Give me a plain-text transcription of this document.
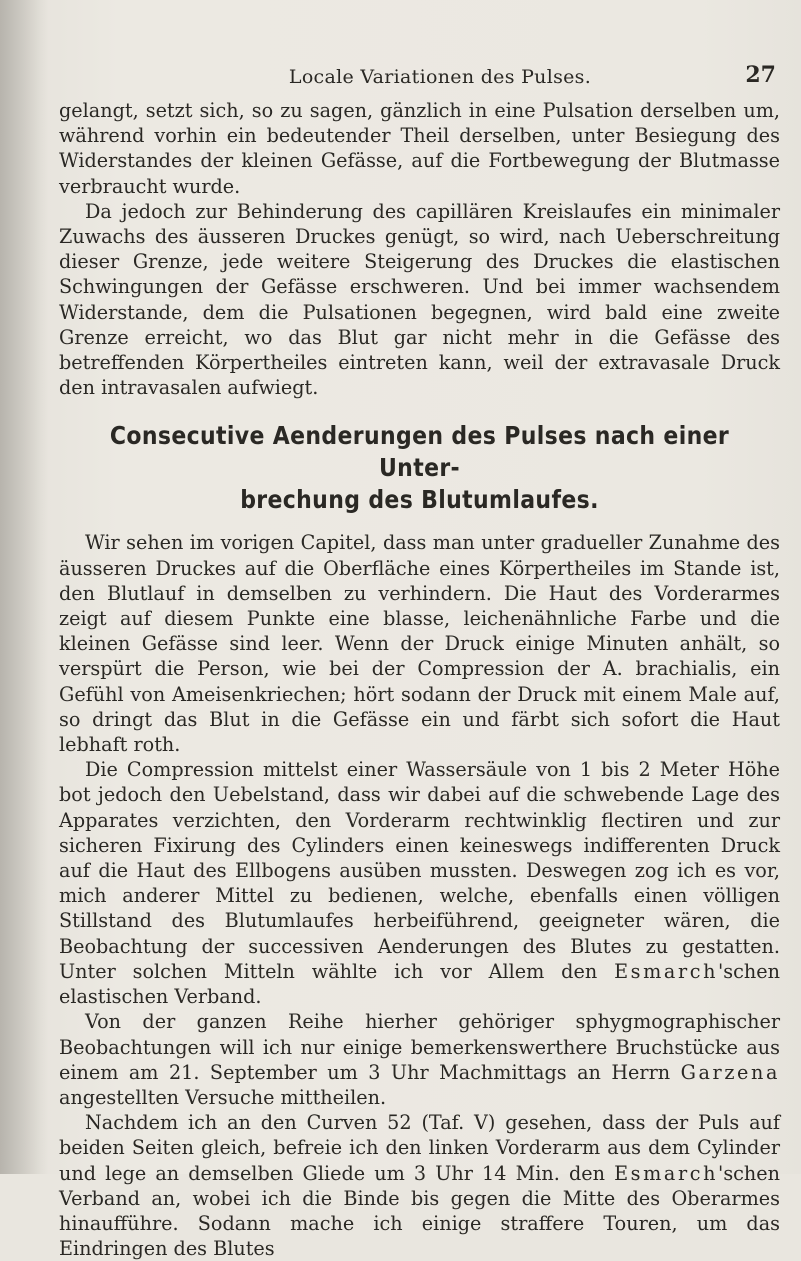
Locale Variationen des Pulses.	27

gelangt, setzt sich, so zu sagen, gänzlich in eine Pulsation derselben um, während vorhin ein bedeutender Theil derselben, unter Besiegung des Widerstandes der kleinen Gefässe, auf die Fortbewegung der Blutmasse verbraucht wurde.

Da jedoch zur Behinderung des capillären Kreislaufes ein minimaler Zuwachs des äusseren Druckes genügt, so wird, nach Ueberschreitung dieser Grenze, jede weitere Steigerung des Druckes die elastischen Schwingungen der Gefässe erschweren. Und bei immer wachsendem Widerstande, dem die Pulsationen begegnen, wird bald eine zweite Grenze erreicht, wo das Blut gar nicht mehr in die Gefässe des betreffenden Körpertheiles eintreten kann, weil der extravasale Druck den intravasalen aufwiegt.

Consecutive Aenderungen des Pulses nach einer Unter-
brechung des Blutumlaufes.

Wir sehen im vorigen Capitel, dass man unter gradueller Zunahme des äusseren Druckes auf die Oberfläche eines Körpertheiles im Stande ist, den Blutlauf in demselben zu verhindern. Die Haut des Vorderarmes zeigt auf diesem Punkte eine blasse, leichenähnliche Farbe und die kleinen Gefässe sind leer. Wenn der Druck einige Minuten anhält, so verspürt die Person, wie bei der Compression der A. brachialis, ein Gefühl von Ameisenkriechen; hört sodann der Druck mit einem Male auf, so dringt das Blut in die Gefässe ein und färbt sich sofort die Haut lebhaft roth.

Die Compression mittelst einer Wassersäule von 1 bis 2 Meter Höhe bot jedoch den Uebelstand, dass wir dabei auf die schwebende Lage des Apparates verzichten, den Vorderarm rechtwinklig flectiren und zur sicheren Fixirung des Cylinders einen keineswegs indifferenten Druck auf die Haut des Ellbogens ausüben mussten. Deswegen zog ich es vor, mich anderer Mittel zu bedienen, welche, ebenfalls einen völligen Stillstand des Blutumlaufes herbeiführend, geeigneter wären, die Beobachtung der successiven Aenderungen des Blutes zu gestatten. Unter solchen Mitteln wählte ich vor Allem den Esmarch'schen elastischen Verband.

Von der ganzen Reihe hierher gehöriger sphygmographischer Beobachtungen will ich nur einige bemerkenswerthere Bruchstücke aus einem am 21. September um 3 Uhr Machmittags an Herrn Garzena angestellten Versuche mittheilen.

Nachdem ich an den Curven 52 (Taf. V) gesehen, dass der Puls auf beiden Seiten gleich, befreie ich den linken Vorderarm aus dem Cylinder und lege an demselben Gliede um 3 Uhr 14 Min. den Esmarch'schen Verband an, wobei ich die Binde bis gegen die Mitte des Oberarmes hinaufführe. Sodann mache ich einige straffere Touren, um das Eindringen des Blutes
